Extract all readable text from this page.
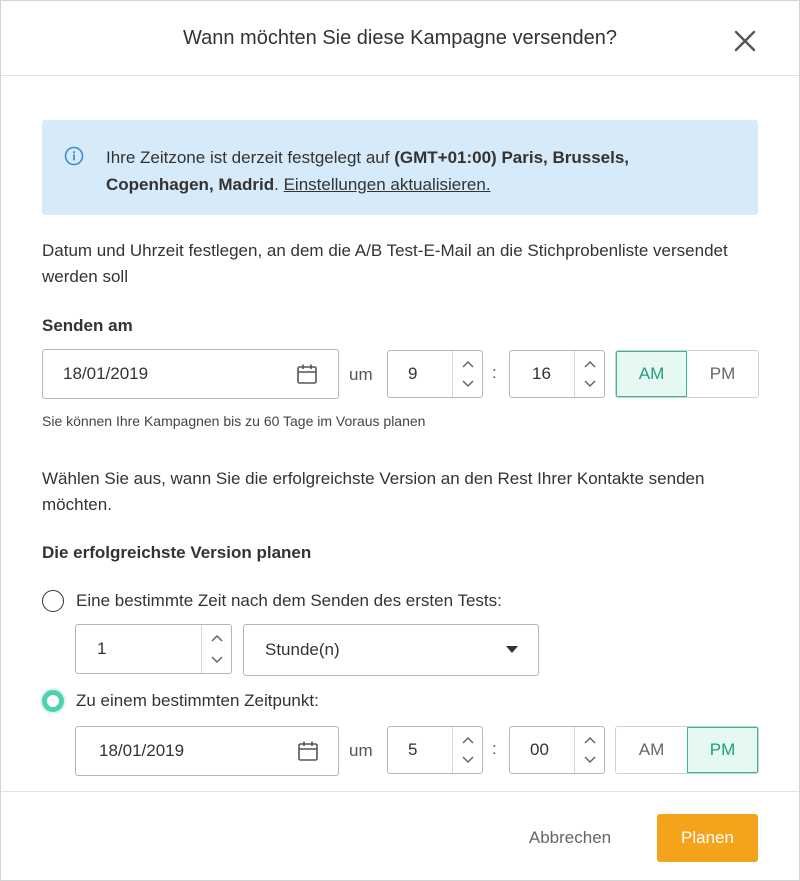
Wann möchten Sie diese Kampagne versenden?
Ihre Zeitzone ist derzeit festgelegt auf (GMT+01:00) Paris, Brussels, Copenhagen, Madrid. Einstellungen aktualisieren.
Datum und Uhrzeit festlegen, an dem die A/B Test-E-Mail an die Stichprobenliste versendet werden soll
Senden am
18/01/2019	um 9	: 16	AM	PM
Sie können Ihre Kampagnen bis zu 60 Tage im Voraus planen
Wählen Sie aus, wann Sie die erfolgreichste Version an den Rest Ihrer Kontakte senden möchten.
Die erfolgreichste Version planen
Eine bestimmte Zeit nach dem Senden des ersten Tests:
1	Stunde(n)
Zu einem bestimmten Zeitpunkt:
18/01/2019	um 5	: 00	AM	PM
Abbrechen	Planen
